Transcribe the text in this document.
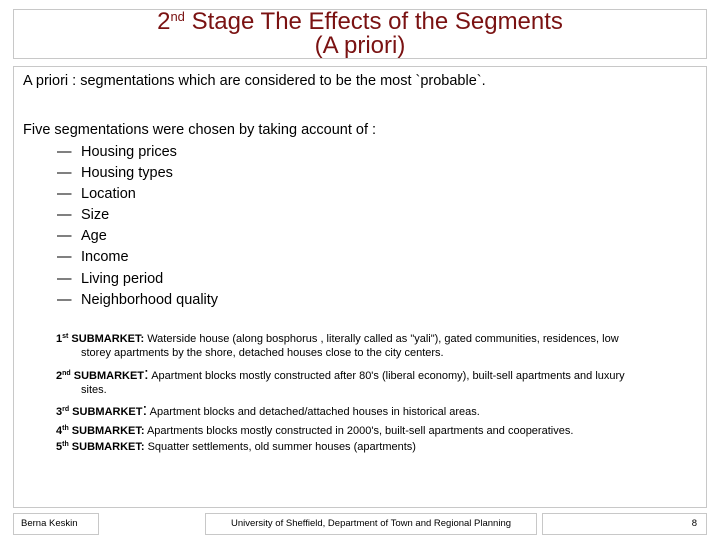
2nd Stage The Effects of the Segments
(A priori)
A priori : segmentations which are considered to be the most `probable`.
Five segmentations were chosen by taking account of :
— Housing prices
— Housing types
— Location
— Size
— Age
— Income
— Living period
— Neighborhood quality
1st SUBMARKET: Waterside house (along bosphorus , literally called as "yali"), gated communities, residences, low
storey apartments by the shore, detached houses close to the city centers.
2nd SUBMARKET: Apartment blocks mostly constructed after 80's (liberal economy), built-sell apartments and luxury
sites.
3rd SUBMARKET: Apartment blocks and detached/attached houses in historical areas.
4th SUBMARKET: Apartments blocks mostly constructed in 2000's, built-sell apartments and cooperatives.
5th SUBMARKET: Squatter settlements, old summer houses (apartments)
Berna Keskin	University of Sheffield, Department of Town and Regional Planning	8
